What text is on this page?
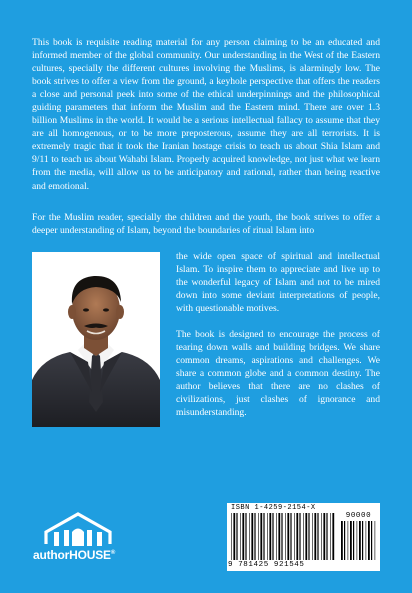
This book is requisite reading material for any person claiming to be an educated and informed member of the global community. Our understanding in the West of the Eastern cultures, specially the different cultures involving the Muslims, is alarmingly low. The book strives to offer a view from the ground, a keyhole perspective that offers the readers a close and personal peek into some of the ethical underpinnings and the philosophical guiding parameters that inform the Muslim and the Eastern mind. There are over 1.3 billion Muslims in the world. It would be a serious intellectual fallacy to assume that they are all homogenous, or to be more preposterous, assume they are all terrorists. It is extremely tragic that it took the Iranian hostage crisis to teach us about Shia Islam and 9/11 to teach us about Wahabi Islam. Properly acquired knowledge, not just what we learn from the media, will allow us to be anticipatory and rational, rather than being reactive and emotional.

For the Muslim reader, specially the children and the youth, the book strives to offer a deeper understanding of Islam, beyond the boundaries of ritual Islam into

the wide open space of spiritual and intellectual Islam. To inspire them to appreciate and live up to the wonderful legacy of Islam and not to be mired down into some deviant interpretations of people, with questionable motives.

The book is designed to encourage the process of tearing down walls and building bridges. We share common dreams, aspirations and challenges. We share a common globe and a common destiny. The author believes that there are no clashes of civilizations, just clashes of ignorance and misunderstanding.

authorHOUSE®
ISBN 1-4259-2154-X
90000
9 781425 921545
